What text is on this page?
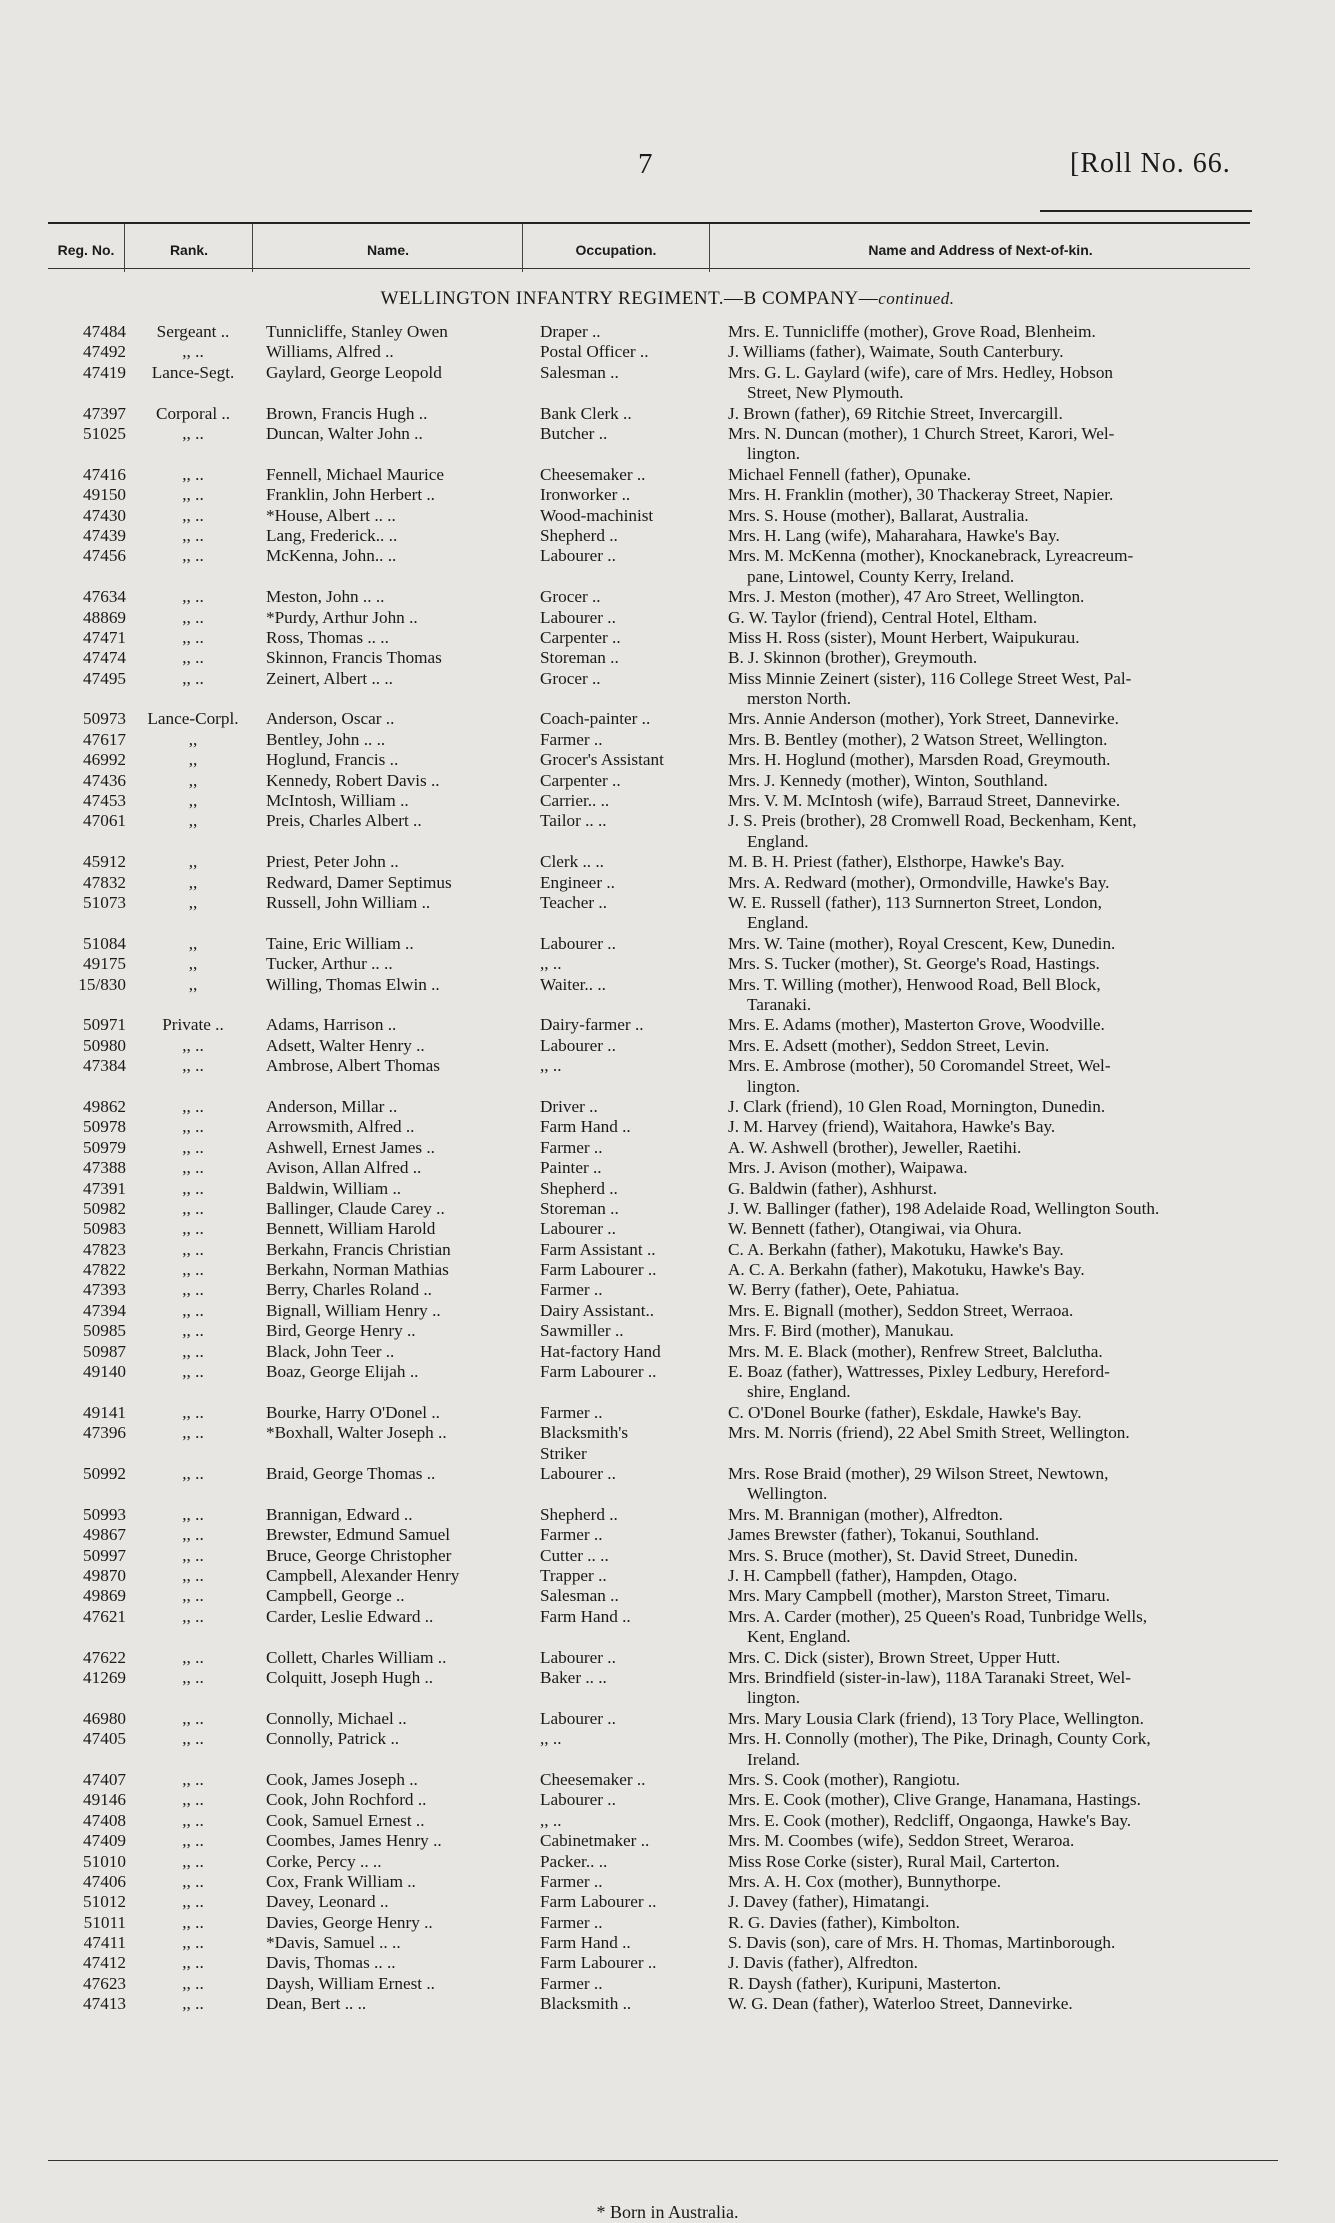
7	[Roll No. 66.
Reg. No.	Rank.	Name.	Occupation.	Name and Address of Next-of-kin.
WELLINGTON INFANTRY REGIMENT.—B COMPANY—continued.
47484	Sergeant ..	Tunnicliffe, Stanley Owen	Draper ..	Mrs. E. Tunnicliffe (mother), Grove Road, Blenheim.
47492	,, ..	Williams, Alfred ..	Postal Officer ..	J. Williams (father), Waimate, South Canterbury.
47419	Lance-Segt.	Gaylard, George Leopold	Salesman ..	Mrs. G. L. Gaylard (wife), care of Mrs. Hedley, Hobson
Street, New Plymouth.
47397	Corporal ..	Brown, Francis Hugh ..	Bank Clerk ..	J. Brown (father), 69 Ritchie Street, Invercargill.
51025	,, ..	Duncan, Walter John ..	Butcher ..	Mrs. N. Duncan (mother), 1 Church Street, Karori, Wel-
lington.
47416	,, ..	Fennell, Michael Maurice	Cheesemaker ..	Michael Fennell (father), Opunake.
49150	,, ..	Franklin, John Herbert ..	Ironworker ..	Mrs. H. Franklin (mother), 30 Thackeray Street, Napier.
47430	,, ..	*House, Albert .. ..	Wood-machinist	Mrs. S. House (mother), Ballarat, Australia.
47439	,, ..	Lang, Frederick.. ..	Shepherd ..	Mrs. H. Lang (wife), Maharahara, Hawke's Bay.
47456	,, ..	McKenna, John.. ..	Labourer ..	Mrs. M. McKenna (mother), Knockanebrack, Lyreacreum-
pane, Lintowel, County Kerry, Ireland.
47634	,, ..	Meston, John .. ..	Grocer ..	Mrs. J. Meston (mother), 47 Aro Street, Wellington.
48869	,, ..	*Purdy, Arthur John ..	Labourer ..	G. W. Taylor (friend), Central Hotel, Eltham.
47471	,, ..	Ross, Thomas .. ..	Carpenter ..	Miss H. Ross (sister), Mount Herbert, Waipukurau.
47474	,, ..	Skinnon, Francis Thomas	Storeman ..	B. J. Skinnon (brother), Greymouth.
47495	,, ..	Zeinert, Albert .. ..	Grocer ..	Miss Minnie Zeinert (sister), 116 College Street West, Pal-
merston North.
50973	Lance-Corpl.	Anderson, Oscar ..	Coach-painter ..	Mrs. Annie Anderson (mother), York Street, Dannevirke.
47617	,,	Bentley, John .. ..	Farmer ..	Mrs. B. Bentley (mother), 2 Watson Street, Wellington.
46992	,,	Hoglund, Francis ..	Grocer's Assistant	Mrs. H. Hoglund (mother), Marsden Road, Greymouth.
47436	,,	Kennedy, Robert Davis ..	Carpenter ..	Mrs. J. Kennedy (mother), Winton, Southland.
47453	,,	McIntosh, William ..	Carrier.. ..	Mrs. V. M. McIntosh (wife), Barraud Street, Dannevirke.
47061	,,	Preis, Charles Albert ..	Tailor .. ..	J. S. Preis (brother), 28 Cromwell Road, Beckenham, Kent,
England.
45912	,,	Priest, Peter John ..	Clerk .. ..	M. B. H. Priest (father), Elsthorpe, Hawke's Bay.
47832	,,	Redward, Damer Septimus	Engineer ..	Mrs. A. Redward (mother), Ormondville, Hawke's Bay.
51073	,,	Russell, John William ..	Teacher ..	W. E. Russell (father), 113 Surnnerton Street, London,
England.
51084	,,	Taine, Eric William ..	Labourer ..	Mrs. W. Taine (mother), Royal Crescent, Kew, Dunedin.
49175	,,	Tucker, Arthur .. ..	,, ..	Mrs. S. Tucker (mother), St. George's Road, Hastings.
15/830	,,	Willing, Thomas Elwin ..	Waiter.. ..	Mrs. T. Willing (mother), Henwood Road, Bell Block,
Taranaki.
50971	Private ..	Adams, Harrison ..	Dairy-farmer ..	Mrs. E. Adams (mother), Masterton Grove, Woodville.
50980	,, ..	Adsett, Walter Henry ..	Labourer ..	Mrs. E. Adsett (mother), Seddon Street, Levin.
47384	,, ..	Ambrose, Albert Thomas	,, ..	Mrs. E. Ambrose (mother), 50 Coromandel Street, Wel-
lington.
49862	,, ..	Anderson, Millar ..	Driver ..	J. Clark (friend), 10 Glen Road, Mornington, Dunedin.
50978	,, ..	Arrowsmith, Alfred ..	Farm Hand ..	J. M. Harvey (friend), Waitahora, Hawke's Bay.
50979	,, ..	Ashwell, Ernest James ..	Farmer ..	A. W. Ashwell (brother), Jeweller, Raetihi.
47388	,, ..	Avison, Allan Alfred ..	Painter ..	Mrs. J. Avison (mother), Waipawa.
47391	,, ..	Baldwin, William ..	Shepherd ..	G. Baldwin (father), Ashhurst.
50982	,, ..	Ballinger, Claude Carey ..	Storeman ..	J. W. Ballinger (father), 198 Adelaide Road, Wellington South.
50983	,, ..	Bennett, William Harold	Labourer ..	W. Bennett (father), Otangiwai, via Ohura.
47823	,, ..	Berkahn, Francis Christian	Farm Assistant ..	C. A. Berkahn (father), Makotuku, Hawke's Bay.
47822	,, ..	Berkahn, Norman Mathias	Farm Labourer ..	A. C. A. Berkahn (father), Makotuku, Hawke's Bay.
47393	,, ..	Berry, Charles Roland ..	Farmer ..	W. Berry (father), Oete, Pahiatua.
47394	,, ..	Bignall, William Henry ..	Dairy Assistant..	Mrs. E. Bignall (mother), Seddon Street, Werraoa.
50985	,, ..	Bird, George Henry ..	Sawmiller ..	Mrs. F. Bird (mother), Manukau.
50987	,, ..	Black, John Teer ..	Hat-factory Hand	Mrs. M. E. Black (mother), Renfrew Street, Balclutha.
49140	,, ..	Boaz, George Elijah ..	Farm Labourer ..	E. Boaz (father), Wattresses, Pixley Ledbury, Hereford-
shire, England.
49141	,, ..	Bourke, Harry O'Donel ..	Farmer ..	C. O'Donel Bourke (father), Eskdale, Hawke's Bay.
47396	,, ..	*Boxhall, Walter Joseph ..	Blacksmith's	Mrs. M. Norris (friend), 22 Abel Smith Street, Wellington.
Striker
50992	,, ..	Braid, George Thomas ..	Labourer ..	Mrs. Rose Braid (mother), 29 Wilson Street, Newtown,
Wellington.
50993	,, ..	Brannigan, Edward ..	Shepherd ..	Mrs. M. Brannigan (mother), Alfredton.
49867	,, ..	Brewster, Edmund Samuel	Farmer ..	James Brewster (father), Tokanui, Southland.
50997	,, ..	Bruce, George Christopher	Cutter .. ..	Mrs. S. Bruce (mother), St. David Street, Dunedin.
49870	,, ..	Campbell, Alexander Henry	Trapper ..	J. H. Campbell (father), Hampden, Otago.
49869	,, ..	Campbell, George ..	Salesman ..	Mrs. Mary Campbell (mother), Marston Street, Timaru.
47621	,, ..	Carder, Leslie Edward ..	Farm Hand ..	Mrs. A. Carder (mother), 25 Queen's Road, Tunbridge Wells,
Kent, England.
47622	,, ..	Collett, Charles William ..	Labourer ..	Mrs. C. Dick (sister), Brown Street, Upper Hutt.
41269	,, ..	Colquitt, Joseph Hugh ..	Baker .. ..	Mrs. Brindfield (sister-in-law), 118A Taranaki Street, Wel-
lington.
46980	,, ..	Connolly, Michael ..	Labourer ..	Mrs. Mary Lousia Clark (friend), 13 Tory Place, Wellington.
47405	,, ..	Connolly, Patrick ..	,, ..	Mrs. H. Connolly (mother), The Pike, Drinagh, County Cork,
Ireland.
47407	,, ..	Cook, James Joseph ..	Cheesemaker ..	Mrs. S. Cook (mother), Rangiotu.
49146	,, ..	Cook, John Rochford ..	Labourer ..	Mrs. E. Cook (mother), Clive Grange, Hanamana, Hastings.
47408	,, ..	Cook, Samuel Ernest ..	,, ..	Mrs. E. Cook (mother), Redcliff, Ongaonga, Hawke's Bay.
47409	,, ..	Coombes, James Henry ..	Cabinetmaker ..	Mrs. M. Coombes (wife), Seddon Street, Weraroa.
51010	,, ..	Corke, Percy .. ..	Packer.. ..	Miss Rose Corke (sister), Rural Mail, Carterton.
47406	,, ..	Cox, Frank William ..	Farmer ..	Mrs. A. H. Cox (mother), Bunnythorpe.
51012	,, ..	Davey, Leonard ..	Farm Labourer ..	J. Davey (father), Himatangi.
51011	,, ..	Davies, George Henry ..	Farmer ..	R. G. Davies (father), Kimbolton.
47411	,, ..	*Davis, Samuel .. ..	Farm Hand ..	S. Davis (son), care of Mrs. H. Thomas, Martinborough.
47412	,, ..	Davis, Thomas .. ..	Farm Labourer ..	J. Davis (father), Alfredton.
47623	,, ..	Daysh, William Ernest ..	Farmer ..	R. Daysh (father), Kuripuni, Masterton.
47413	,, ..	Dean, Bert .. ..	Blacksmith ..	W. G. Dean (father), Waterloo Street, Dannevirke.
* Born in Australia.
